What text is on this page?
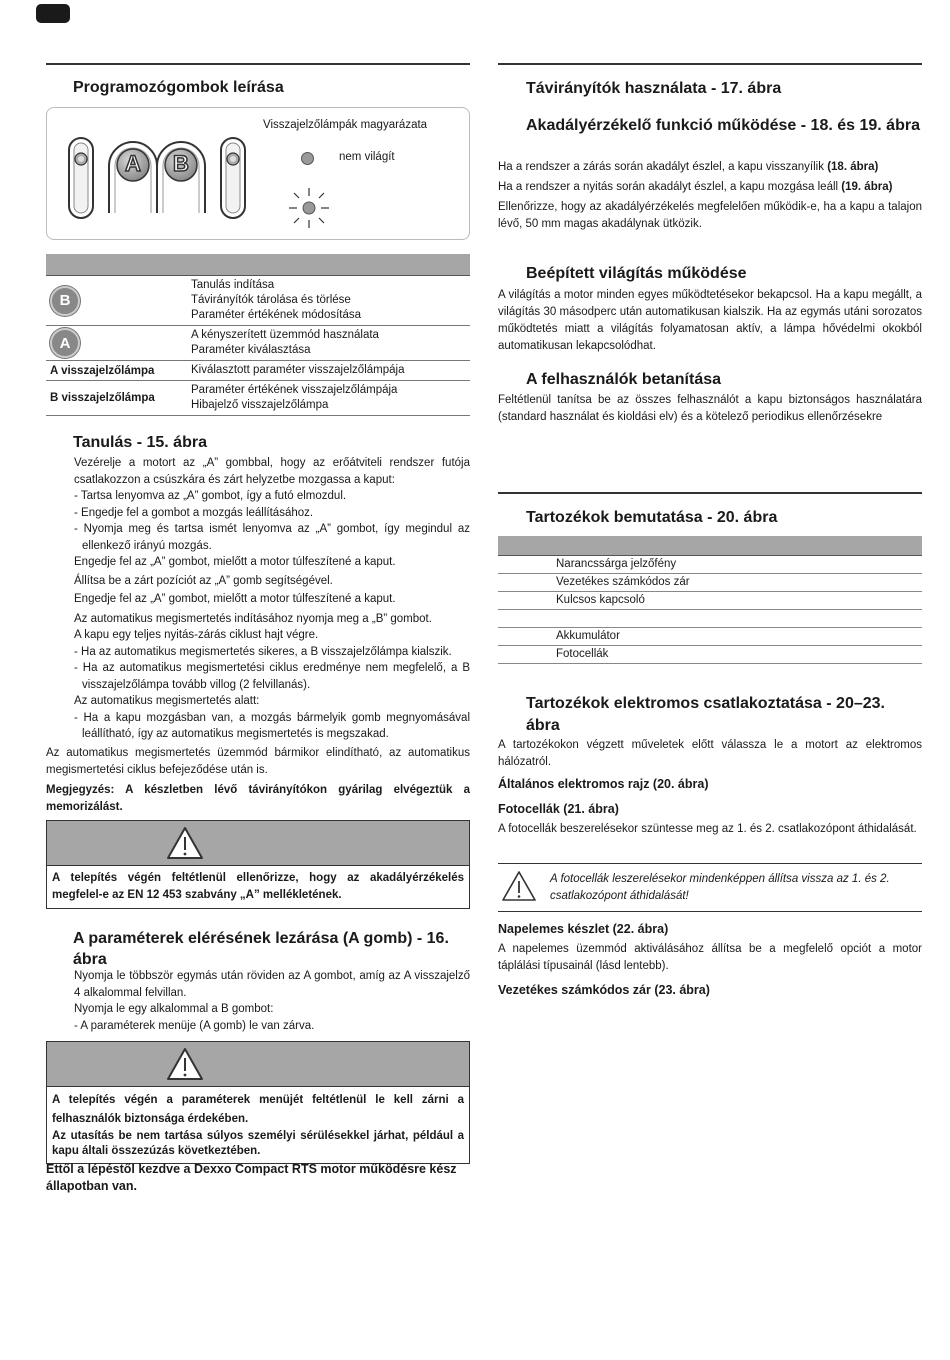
Programozógombok leírása
A B
Visszajelzőlámpák magyarázata
nem világít
B
Tanulás indítása
Távirányítók tárolása és törlése
Paraméter értékének módosítása
A	A kényszerített üzemmód használata
Paraméter kiválasztása
A visszajelzőlámpa	Kiválasztott paraméter visszajelzőlámpája
B visszajelzőlámpa
Paraméter értékének visszajelzőlámpája
Hibajelző visszajelzőlámpa
Tanulás - 15. ábra
Vezérelje a motort az „A” gombbal, hogy az erőátviteli rendszer futója csatlakozzon a csúszkára és zárt helyzetbe mozgassa a kaput:
- Tartsa lenyomva az „A” gombot, így a futó elmozdul.
- Engedje fel a gombot a mozgás leállításához.
- Nyomja meg és tartsa ismét lenyomva az „A” gombot, így megindul az ellenkező irányú mozgás.
Engedje fel az „A” gombot, mielőtt a motor túlfeszítené a kaput.
Állítsa be a zárt pozíciót az „A” gomb segítségével.
Engedje fel az „A” gombot, mielőtt a motor túlfeszítené a kaput.
Az automatikus megismertetés indításához nyomja meg a „B” gombot.
A kapu egy teljes nyitás-zárás ciklust hajt végre.
- Ha az automatikus megismertetés sikeres, a B visszajelzőlámpa kialszik.
- Ha az automatikus megismertetési ciklus eredménye nem megfelelő, a B visszajelzőlámpa tovább villog (2 felvillanás).
Az automatikus megismertetés alatt:
- Ha a kapu mozgásban van, a mozgás bármelyik gomb megnyomásával leállítható, így az automatikus megismertetés is megszakad.
Az automatikus megismertetés üzemmód bármikor elindítható, az automatikus megismertetési ciklus befejeződése után is.
Megjegyzés: A készletben lévő távirányítókon gyárilag elvégeztük a memorizálást.
A telepítés végén feltétlenül ellenőrizze, hogy az akadályérzékelés megfelel-e az EN 12 453 szabvány „A” mellékletének.
A paraméterek elérésének lezárása (A gomb) - 16. ábra
Nyomja le többször egymás után röviden az A gombot, amíg az A visszajelző 4 alkalommal felvillan.
Nyomja le egy alkalommal a B gombot:
- A paraméterek menüje (A gomb) le van zárva.
A telepítés végén a paraméterek menüjét feltétlenül le kell zárni a felhasználók biztonsága érdekében.
Az utasítás be nem tartása súlyos személyi sérülésekkel járhat, például a kapu általi összezúzás következtében.
Ettől a lépéstől kezdve a Dexxo Compact RTS motor működésre kész állapotban van.
Távirányítók használata - 17. ábra
Akadályérzékelő funkció működése - 18. és 19. ábra
Ha a rendszer a zárás során akadályt észlel, a kapu visszanyílik (18. ábra)
Ha a rendszer a nyitás során akadályt észlel, a kapu mozgása leáll (19. ábra)
Ellenőrizze, hogy az akadályérzékelés megfelelően működik-e, ha a kapu a talajon lévő, 50 mm magas akadálynak ütközik.
Beépített világítás működése
A világítás a motor minden egyes működtetésekor bekapcsol. Ha a kapu megállt, a világítás 30 másodperc után automatikusan kialszik. Ha az egymás utáni sorozatos működtetés miatt a világítás folyamatosan aktív, a lámpa hővédelmi okokból automatikusan lekapcsolódhat.
A felhasználók betanítása
Feltétlenül tanítsa be az összes felhasználót a kapu biztonságos használatára (standard használat és kioldási elv) és a kötelező periodikus ellenőrzésekre
Tartozékok bemutatása - 20. ábra
Narancssárga jelzőfény
Vezetékes számkódos zár
Kulcsos kapcsoló
Akkumulátor
Fotocellák
Tartozékok elektromos csatlakoztatása - 20–23. ábra
A tartozékokon végzett műveletek előtt válassza le a motort az elektromos hálózatról.
Általános elektromos rajz (20. ábra)
Fotocellák (21. ábra)
A fotocellák beszerelésekor szüntesse meg az 1. és 2. csatlakozópont áthidalását.
A fotocellák leszerelésekor mindenképpen állítsa vissza az 1. és 2. csatlakozópont áthidalását!
Napelemes készlet (22. ábra)
A napelemes üzemmód aktiválásához állítsa be a megfelelő opciót a motor táplálási típusainál (lásd lentebb).
Vezetékes számkódos zár (23. ábra)
